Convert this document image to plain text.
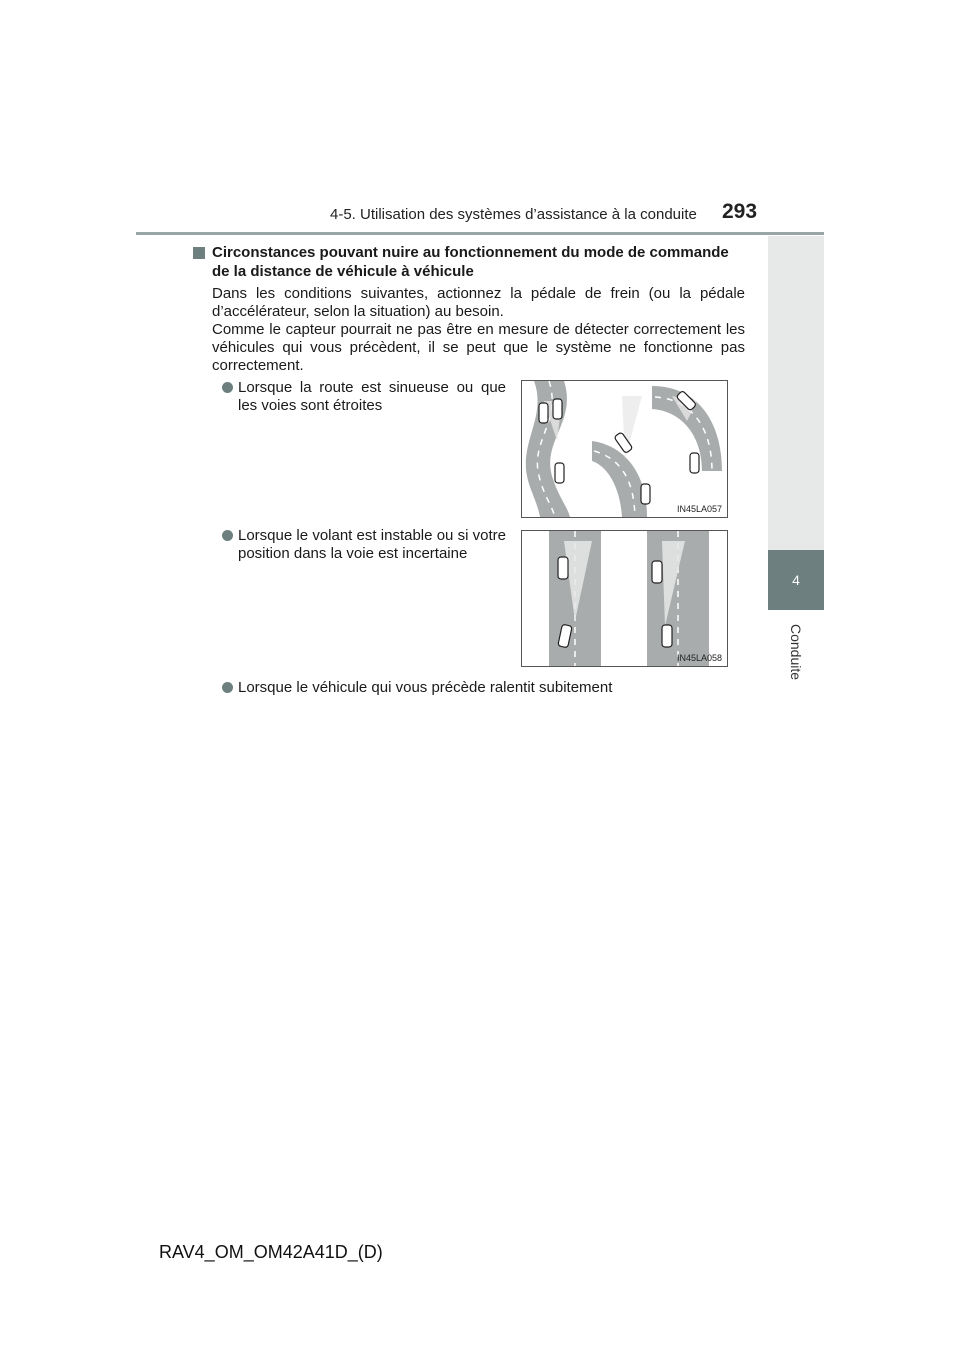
4-5. Utilisation des systèmes d’assistance à la conduite 293
4
Conduite
Circonstances pouvant nuire au fonctionnement du mode de commande de la distance de véhicule à véhicule

Dans les conditions suivantes, actionnez la pédale de frein (ou la pédale d’accélérateur, selon la situation) au besoin.

Comme le capteur pourrait ne pas être en mesure de détecter correctement les véhicules qui vous précèdent, il se peut que le système ne fonctionne pas correctement.

Lorsque la route est sinueuse ou que les voies sont étroites

Lorsque le volant est instable ou si votre position dans la voie est incertaine

Lorsque le véhicule qui vous précède ralentit subitement

IN45LA057
IN45LA058
RAV4_OM_OM42A41D_(D)
